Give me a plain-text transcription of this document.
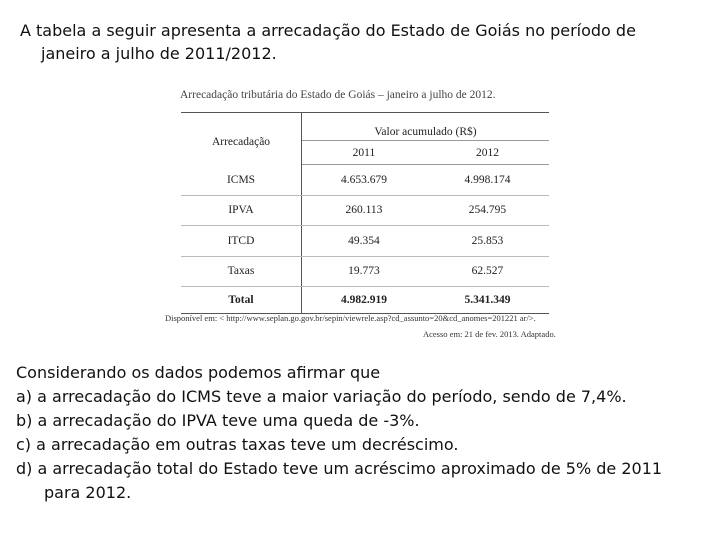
A tabela a seguir apresenta a arrecadação do Estado de Goiás no período de
janeiro a julho de 2011/2012.
Arrecadação tributária do Estado de Goiás – janeiro a julho de 2012.
Arrecadação	Valor acumulado (R$)	
	2011	2012
ICMS	4.653.679	4.998.174
IPVA	260.113	254.795
ITCD	49.354	25.853
Taxas	19.773	62.527
Total	4.982.919	5.341.349
Disponível em: < http://www.seplan.go.gov.br/sepin/viewrele.asp?cd_assunto=20&cd_anomes=201221 ar/>.
Acesso em: 21 de fev. 2013. Adaptado.
Considerando os dados podemos afirmar que
a) a arrecadação do ICMS teve a maior variação do período, sendo de 7,4%.
b) a arrecadação do IPVA teve uma queda de -3%.
c) a arrecadação em outras taxas teve um decréscimo.
d) a arrecadação total do Estado teve um acréscimo aproximado de 5% de 2011
para 2012.
